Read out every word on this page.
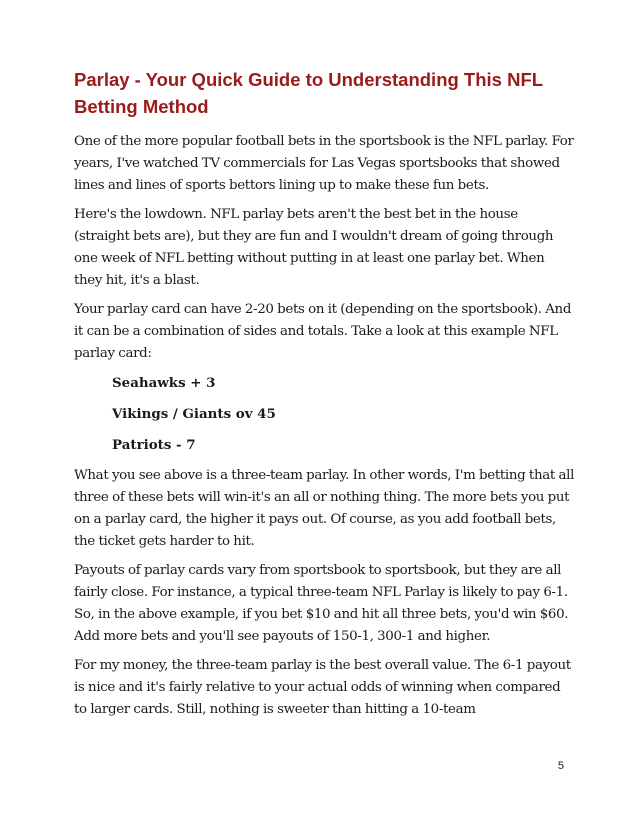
Parlay - Your Quick Guide to Understanding This NFL Betting Method

One of the more popular football bets in the sportsbook is the NFL parlay. For years, I've watched TV commercials for Las Vegas sportsbooks that showed lines and lines of sports bettors lining up to make these fun bets.

Here's the lowdown. NFL parlay bets aren't the best bet in the house (straight bets are), but they are fun and I wouldn't dream of going through one week of NFL betting without putting in at least one parlay bet. When they hit, it's a blast.

Your parlay card can have 2-20 bets on it (depending on the sportsbook). And it can be a combination of sides and totals. Take a look at this example NFL parlay card:

Seahawks + 3
Vikings / Giants ov 45
Patriots - 7

What you see above is a three-team parlay. In other words, I'm betting that all three of these bets will win-it's an all or nothing thing. The more bets you put on a parlay card, the higher it pays out. Of course, as you add football bets, the ticket gets harder to hit.

Payouts of parlay cards vary from sportsbook to sportsbook, but they are all fairly close. For instance, a typical three-team NFL Parlay is likely to pay 6-1. So, in the above example, if you bet $10 and hit all three bets, you'd win $60. Add more bets and you'll see payouts of 150-1, 300-1 and higher.

For my money, the three-team parlay is the best overall value. The 6-1 payout is nice and it's fairly relative to your actual odds of winning when compared to larger cards. Still, nothing is sweeter than hitting a 10-team

5
